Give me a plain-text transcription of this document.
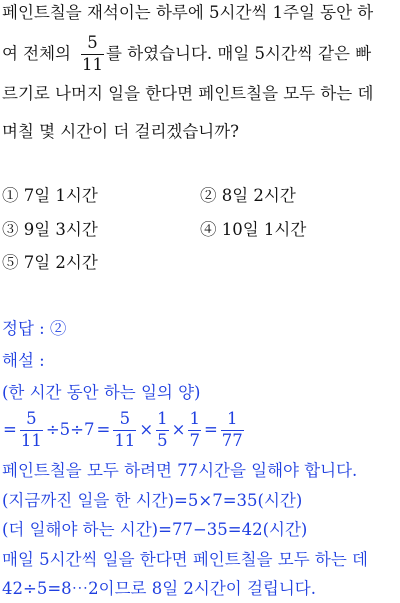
페인트칠을 재석이는 하루에 5시간씩 1주일 동안 하
여 전체의 $\frac{5}{11}$ 를 하였습니다. 매일 5시간씩 같은 빠
르기로 나머지 일을 한다면 페인트칠을 모두 하는 데
며칠 몇 시간이 더 걸리겠습니까?
① 7일 1시간	② 8일 2시간
③ 9일 3시간	④ 10일 1시간
⑤ 7일 2시간
정답 : ②
해설 :
(한 시간 동안 하는 일의 양)
= $\frac{5}{11} \div 5\div 7 = \frac{5}{11} \times \frac{1}{5} \times \frac{1}{7} = \frac{1}{77}$
페인트칠을 모두 하려면 77시간을 일해야 합니다.
(지금까진 일을 한 시간)=5×7=35(시간)
(더 일해야 하는 시간)=77−35=42(시간)
매일 5시간씩 일을 한다면 페인트칠을 모두 하는 데
42÷5=8⋯2이므로 8일 2시간이 걸립니다.
